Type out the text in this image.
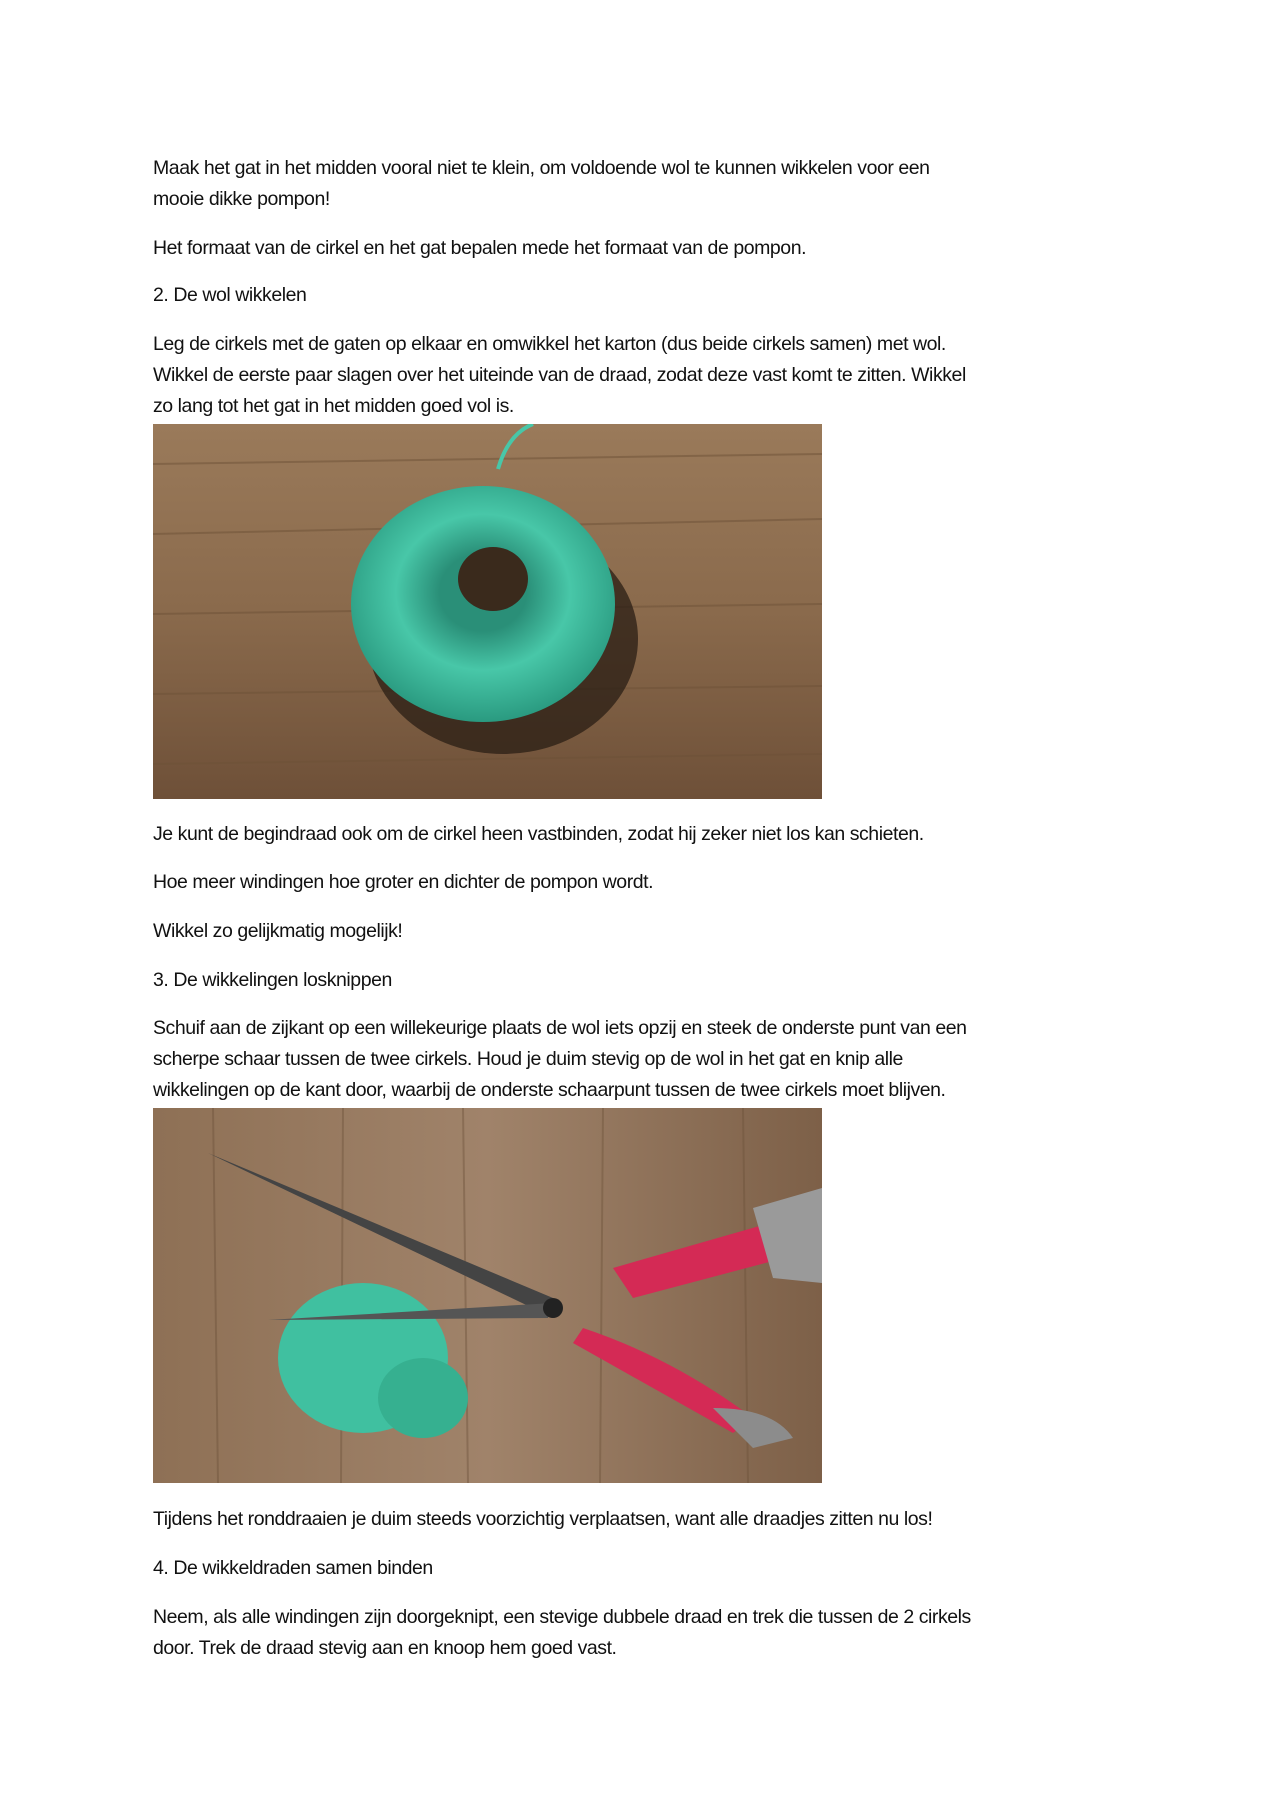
Maak het gat in het midden vooral niet te klein, om voldoende wol te kunnen wikkelen voor een
mooie dikke pompon!
Het formaat van de cirkel en het gat bepalen mede het formaat van de pompon.
2. De wol wikkelen
Leg de cirkels met de gaten op elkaar en omwikkel het karton (dus beide cirkels samen) met wol.
Wikkel de eerste paar slagen over het uiteinde van de draad, zodat deze vast komt te zitten. Wikkel
zo lang tot het gat in het midden goed vol is.
Je kunt de begindraad ook om de cirkel heen vastbinden, zodat hij zeker niet los kan schieten.
Hoe meer windingen hoe groter en dichter de pompon wordt.
Wikkel zo gelijkmatig mogelijk!
3. De wikkelingen losknippen
Schuif aan de zijkant op een willekeurige plaats de wol iets opzij en steek de onderste punt van een
scherpe schaar tussen de twee cirkels. Houd je duim stevig op de wol in het gat en knip alle
wikkelingen op de kant door, waarbij de onderste schaarpunt tussen de twee cirkels moet blijven.
Tijdens het ronddraaien je duim steeds voorzichtig verplaatsen, want alle draadjes zitten nu los!
4. De wikkeldraden samen binden
Neem, als alle windingen zijn doorgeknipt, een stevige dubbele draad en trek die tussen de 2 cirkels
door. Trek de draad stevig aan en knoop hem goed vast.
